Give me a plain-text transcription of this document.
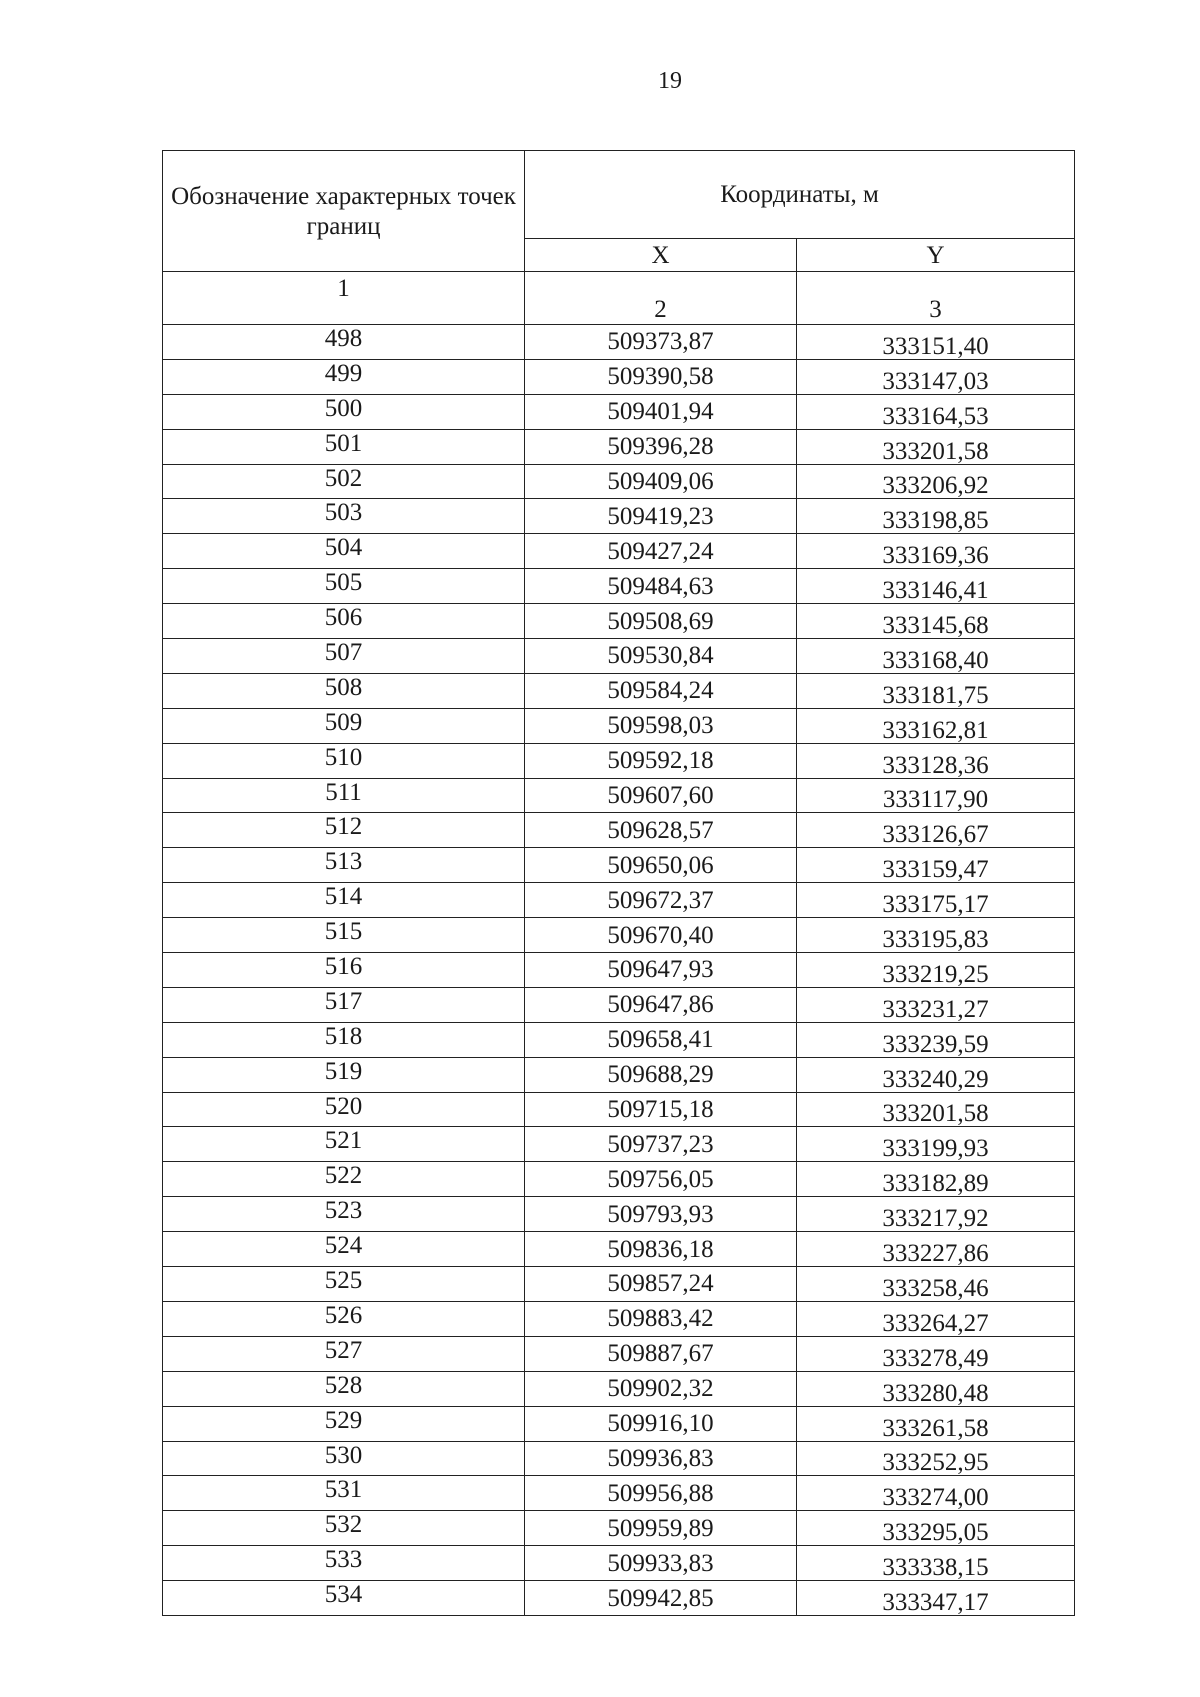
19
Обозначение характерных точек границ	Координаты, м	
	X	Y
1	2	3
498	509373,87	333151,40
499	509390,58	333147,03
500	509401,94	333164,53
501	509396,28	333201,58
502	509409,06	333206,92
503	509419,23	333198,85
504	509427,24	333169,36
505	509484,63	333146,41
506	509508,69	333145,68
507	509530,84	333168,40
508	509584,24	333181,75
509	509598,03	333162,81
510	509592,18	333128,36
511	509607,60	333117,90
512	509628,57	333126,67
513	509650,06	333159,47
514	509672,37	333175,17
515	509670,40	333195,83
516	509647,93	333219,25
517	509647,86	333231,27
518	509658,41	333239,59
519	509688,29	333240,29
520	509715,18	333201,58
521	509737,23	333199,93
522	509756,05	333182,89
523	509793,93	333217,92
524	509836,18	333227,86
525	509857,24	333258,46
526	509883,42	333264,27
527	509887,67	333278,49
528	509902,32	333280,48
529	509916,10	333261,58
530	509936,83	333252,95
531	509956,88	333274,00
532	509959,89	333295,05
533	509933,83	333338,15
534	509942,85	333347,17
